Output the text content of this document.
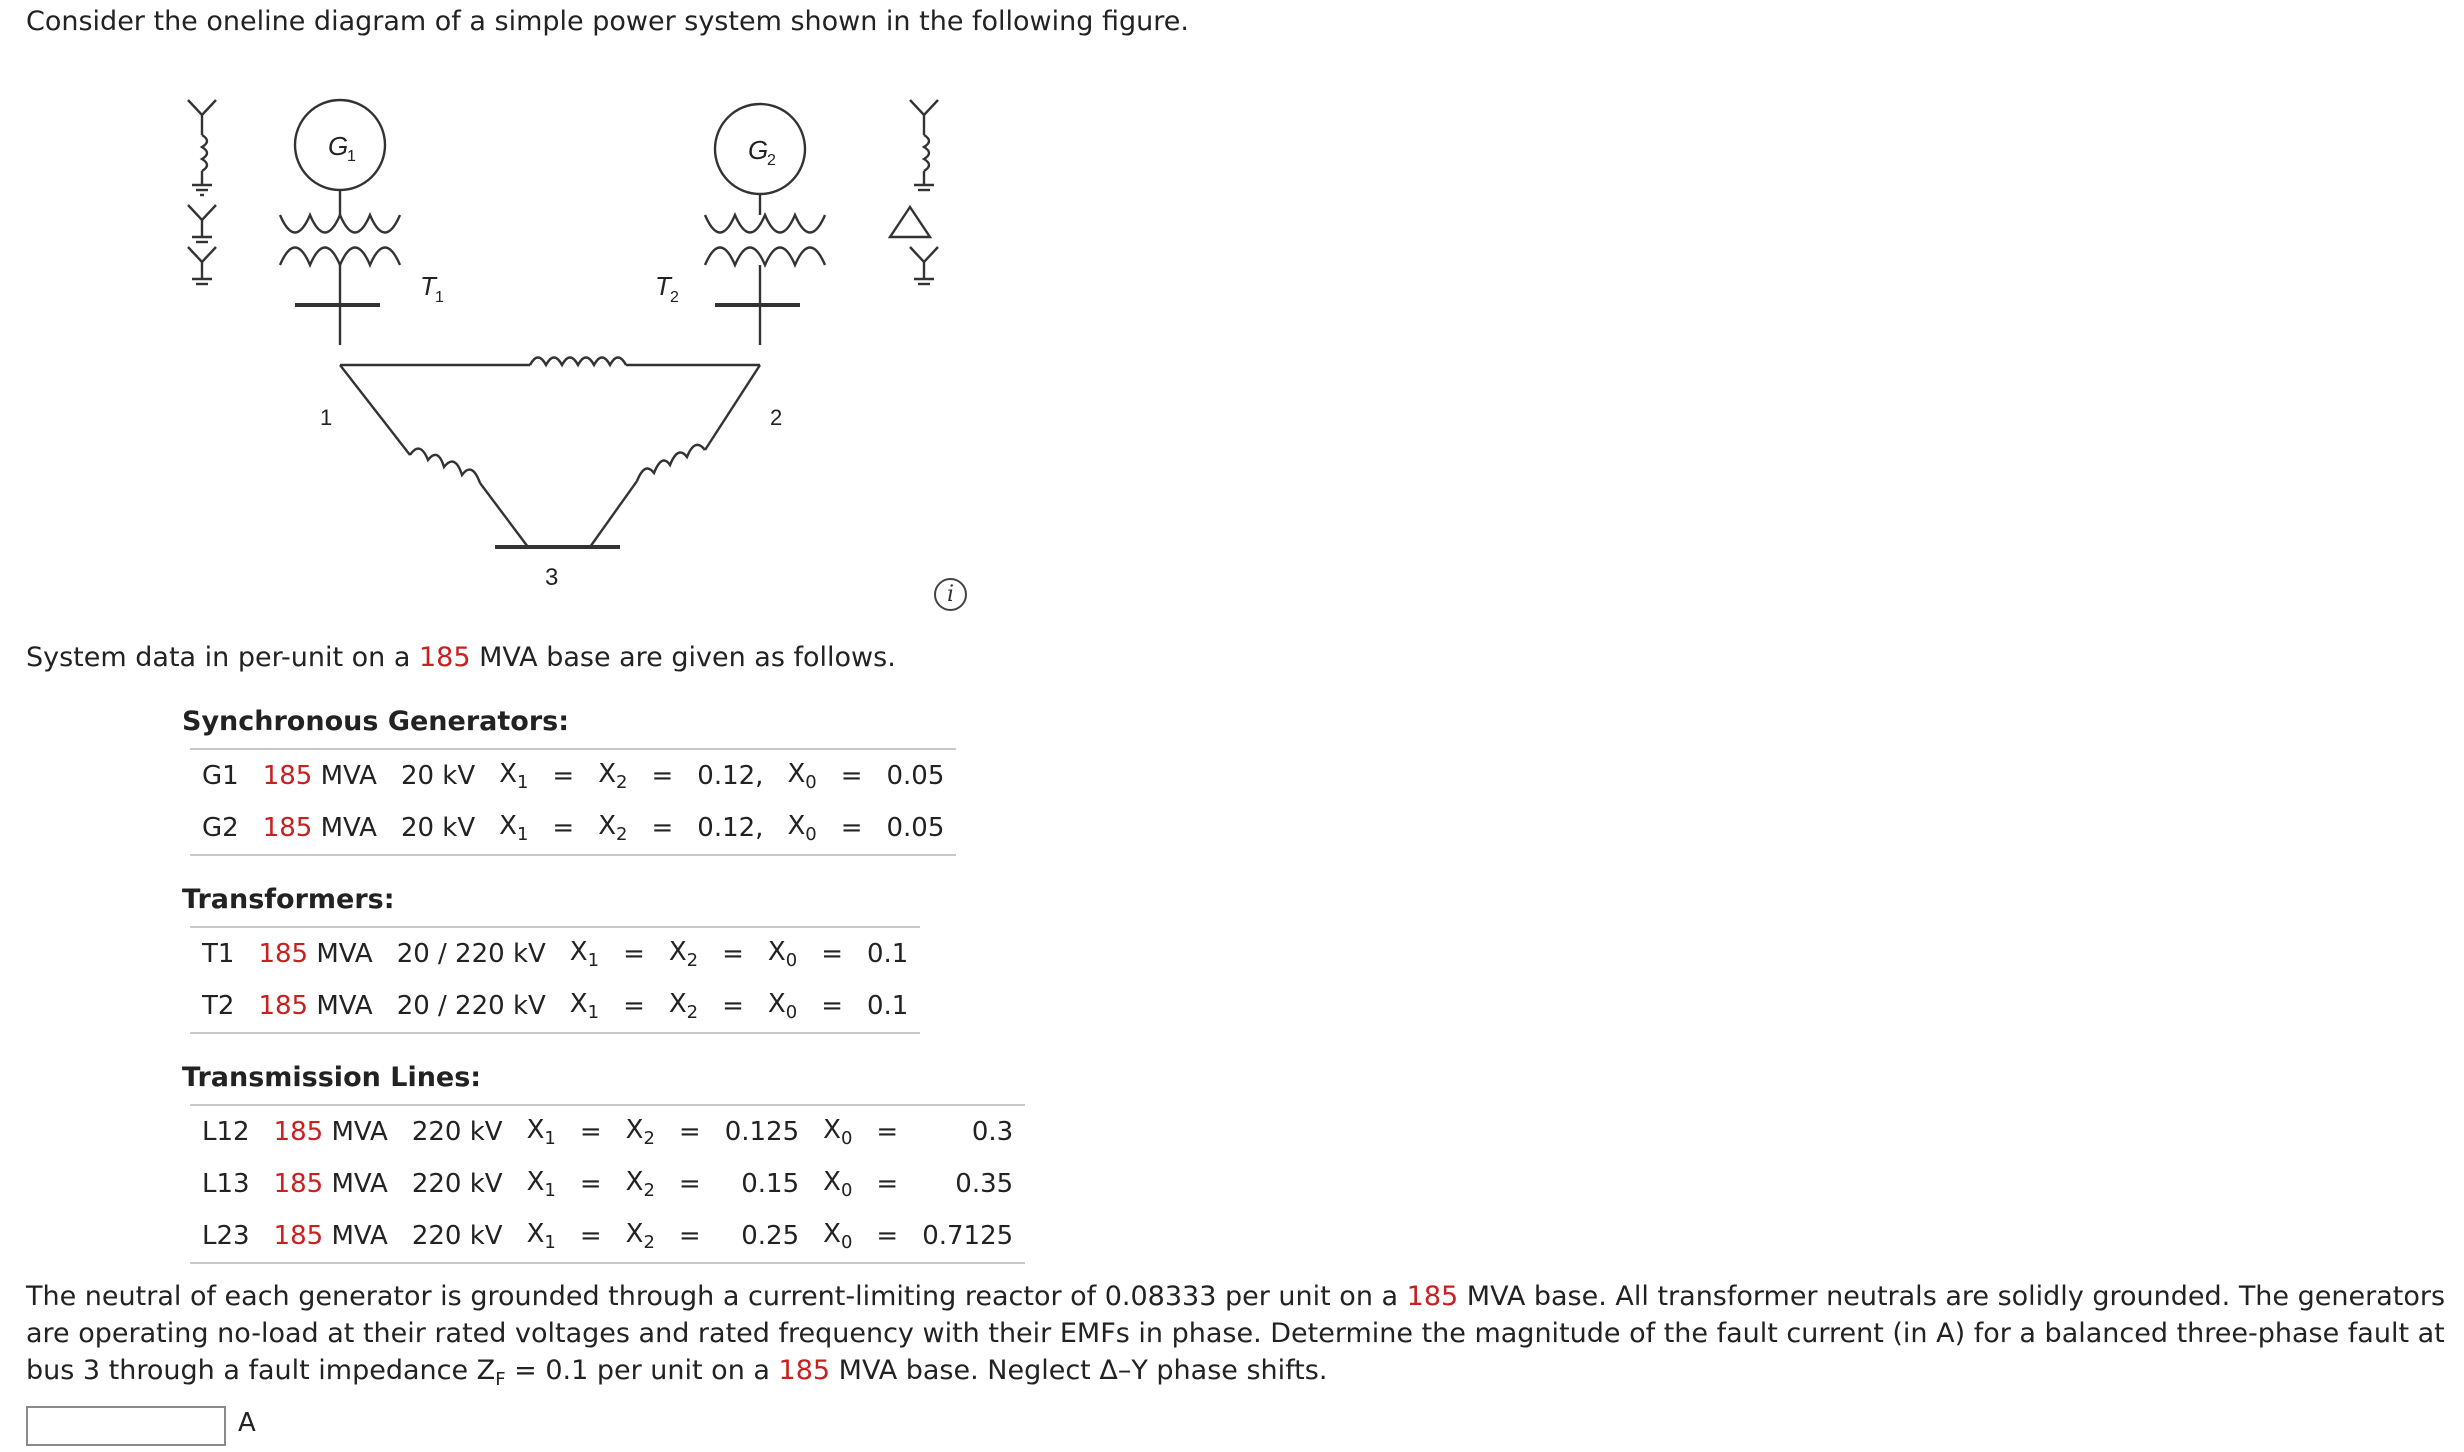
Consider the oneline diagram of a simple power system shown in the following figure.
G
1	G
2
T 1	T 2
1	2
3
i
System data in per-unit on a 185 MVA base are given as follows.
Synchronous Generators:
G1	185 MVA	20 kV	$X_1$	=	$X_2$	=	0.12,	$X_0$	=	0.05
G2	185 MVA	20 kV	$X_1$	=	$X_2$	=	0.12,	$X_0$	=	0.05
Transformers:
T1	185 MVA	20 / 220 kV	$X_1$	=	$X_2$	=	$X_0$	=	0.1
T2	185 MVA	20 / 220 kV	$X_1$	=	$X_2$	=	$X_0$	=	0.1
Transmission Lines:
L12	185 MVA	220 kV	$X_1$	=	$X_2$	=	0.125	$X_0$	=	0.3
L13	185 MVA	220 kV	$X_1$	=	$X_2$	=	0.15	$X_0$	=	0.35
L23	185 MVA	220 kV	$X_1$	=	$X_2$	=	0.25	$X_0$	=	0.7125
The neutral of each generator is grounded through a current-limiting reactor of 0.08333 per unit on a 185 MVA base. All transformer neutrals are solidly grounded. The generators are operating no-load at their rated voltages and rated frequency with their EMFs in phase. Determine the magnitude of the fault current (in A) for a balanced three-phase fault at bus 3 through a fault impedance $Z_F = 0.1$ per unit on a 185 MVA base. Neglect Δ–Y phase shifts.
A
